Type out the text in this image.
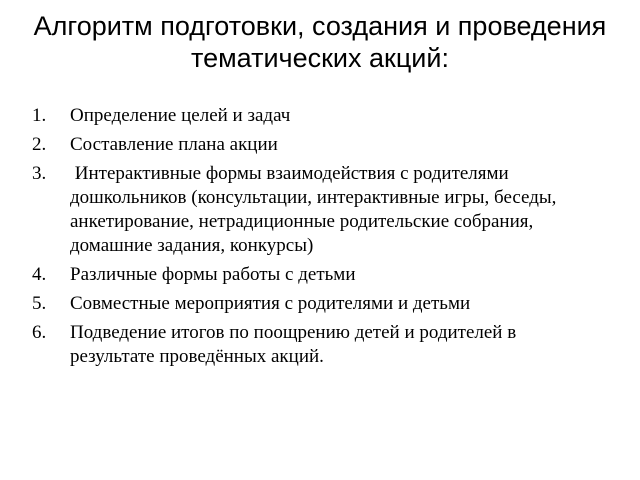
Алгоритм подготовки, создания и проведения тематических акций:
1. Определение целей и задач
2. Составление плана акции
3. Интерактивные формы взаимодействия с родителями дошкольников (консультации, интерактивные игры, беседы, анкетирование, нетрадиционные родительские собрания, домашние задания, конкурсы)
4. Различные формы работы с детьми
5. Совместные мероприятия с родителями и детьми
6. Подведение итогов по поощрению детей и родителей в результате проведённых акций.
